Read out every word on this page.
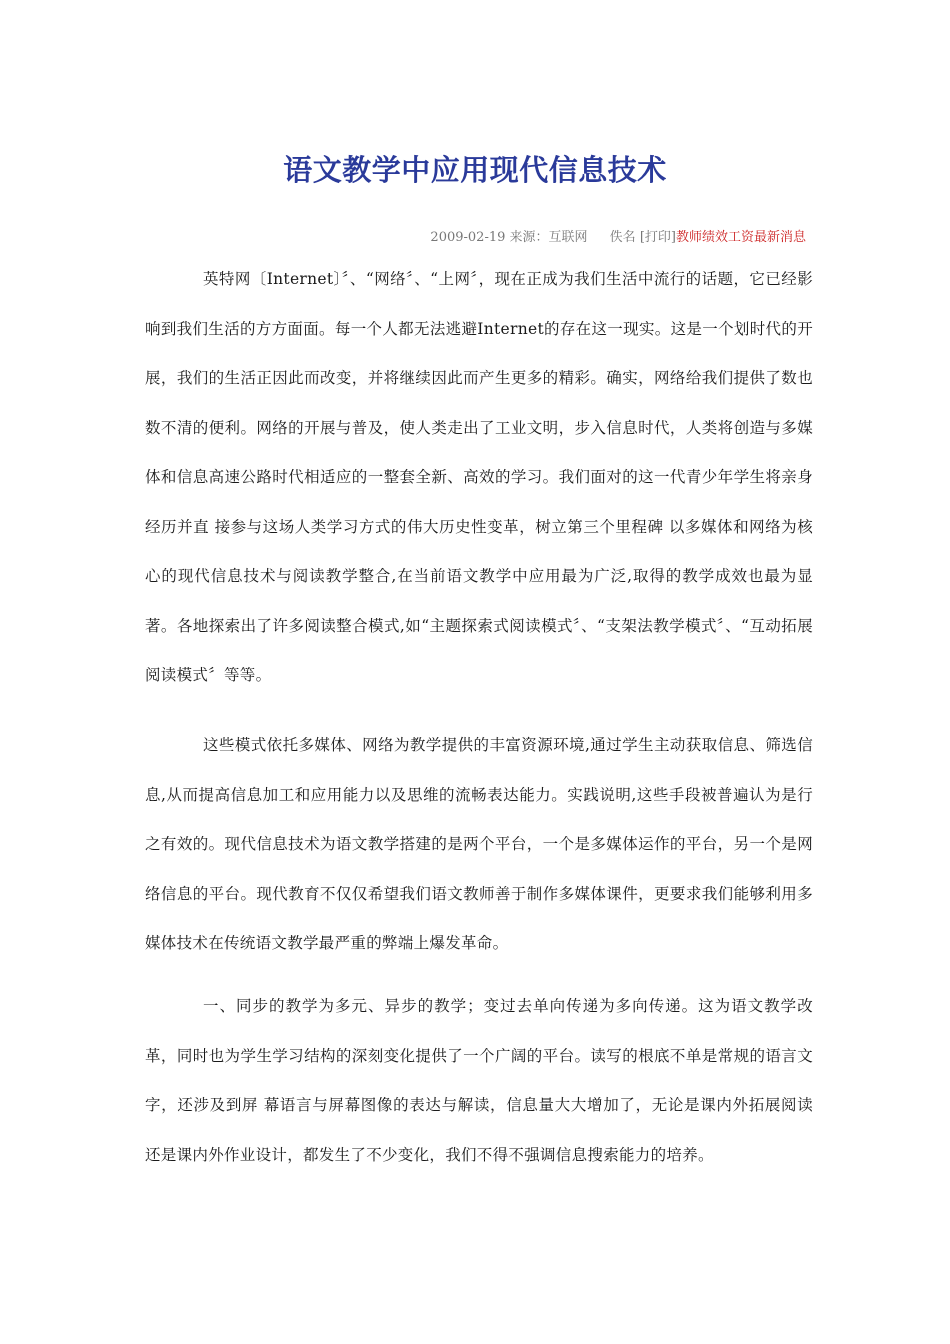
语文教学中应用现代信息技术
2009-02-19 来源：互联网 佚名 [打印]教师绩效工资最新消息

英特网〔Internet〕〞、“网络〞、“上网〞，现在正成为我们生活中流行的话题，它已经影响到我们生活的方方面面。每一个人都无法逃避Internet的存在这一现实。这是一个划时代的开展，我们的生活正因此而改变，并将继续因此而产生更多的精彩。确实，网络给我们提供了数也数不清的便利。网络的开展与普及，使人类走出了工业文明，步入信息时代，人类将创造与多媒体和信息高速公路时代相适应的一整套全新、高效的学习。我们面对的这一代青少年学生将亲身经历并直 接参与这场人类学习方式的伟大历史性变革，树立第三个里程碑 以多媒体和网络为核心的现代信息技术与阅读教学整合,在当前语文教学中应用最为广泛,取得的教学成效也最为显著。各地探索出了许多阅读整合模式,如“主题探索式阅读模式〞、“支架法教学模式〞、“互动拓展阅读模式〞等等。

这些模式依托多媒体、网络为教学提供的丰富资源环境,通过学生主动获取信息、筛选信息,从而提高信息加工和应用能力以及思维的流畅表达能力。实践说明,这些手段被普遍认为是行之有效的。现代信息技术为语文教学搭建的是两个平台，一个是多媒体运作的平台，另一个是网络信息的平台。现代教育不仅仅希望我们语文教师善于制作多媒体课件，更要求我们能够利用多媒体技术在传统语文教学最严重的弊端上爆发革命。

一、同步的教学为多元、异步的教学；变过去单向传递为多向传递。这为语文教学改革，同时也为学生学习结构的深刻变化提供了一个广阔的平台。读写的根底不单是常规的语言文字，还涉及到屏 幕语言与屏幕图像的表达与解读，信息量大大增加了，无论是课内外拓展阅读还是课内外作业设计，都发生了不少变化，我们不得不强调信息搜索能力的培养。
